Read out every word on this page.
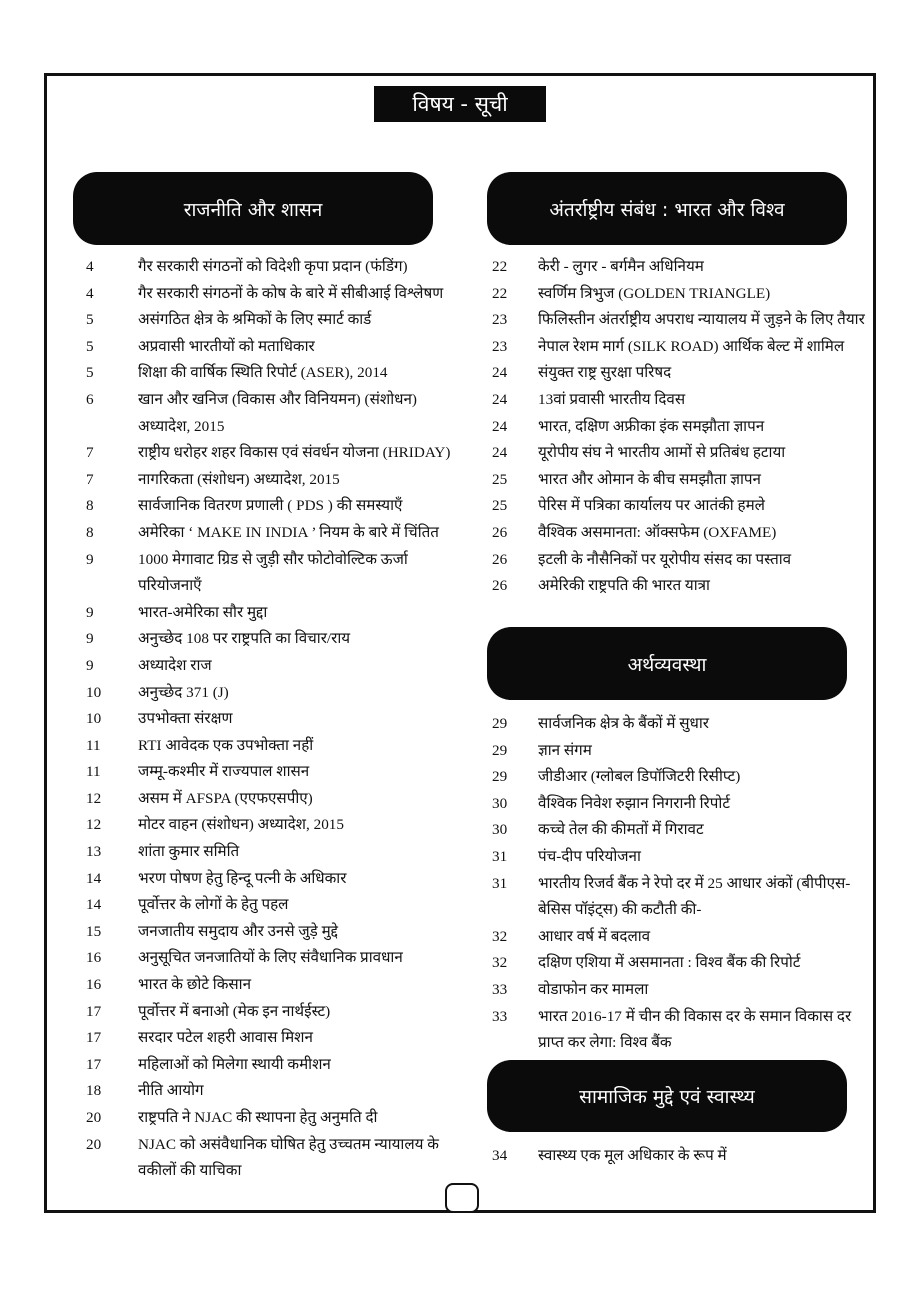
विषय - सूची
राजनीति और शासन
4	गैर सरकारी संगठनों को विदेशी कृपा प्रदान (फंडिंग)
4	गैर सरकारी संगठनों के कोष के बारे में सीबीआई विश्लेषण
5	असंगठित क्षेत्र के श्रमिकों के लिए स्मार्ट कार्ड
5	अप्रवासी भारतीयों को मताधिकार
5	शिक्षा की वार्षिक स्थिति रिपोर्ट (ASER), 2014
6	खान और खनिज (विकास और विनियमन) (संशोधन) अध्यादेश, 2015
7	राष्ट्रीय धरोहर शहर विकास एवं संवर्धन योजना (HRIDAY)
7	नागरिकता (संशोधन) अध्यादेश, 2015
8	सार्वजानिक वितरण प्रणाली ( PDS ) की समस्याएँ
8	अमेरिका ‘ MAKE IN INDIA ’ नियम के बारे में चिंतित
9	1000 मेगावाट ग्रिड से जुड़ी सौर फोटोवोल्टिक ऊर्जा परियोजनाएँ
9	भारत-अमेरिका सौर मुद्दा
9	अनुच्छेद 108 पर राष्ट्रपति का विचार/राय
9	अध्यादेश राज
10	अनुच्छेद 371 (J)
10	उपभोक्ता संरक्षण
11	RTI आवेदक एक उपभोक्ता नहीं
11	जम्मू-कश्मीर में राज्यपाल शासन
12	असम में AFSPA (एएफएसपीए)
12	मोटर वाहन (संशोधन) अध्यादेश, 2015
13	शांता कुमार समिति
14	भरण पोषण हेतु हिन्दू पत्नी के अधिकार
14	पूर्वोत्तर के लोगों के हेतु पहल
15	जनजातीय समुदाय और उनसे जुड़े मुद्दे
16	अनुसूचित जनजातियों के लिए संवैधानिक प्रावधान
16	भारत के छोटे किसान
17	पूर्वोत्तर में बनाओ (मेक इन नार्थईस्ट)
17	सरदार पटेल शहरी आवास मिशन
17	महिलाओं को मिलेगा स्थायी कमीशन
18	नीति आयोग
20	राष्ट्रपति ने NJAC की स्थापना हेतु अनुमति दी
20	NJAC को असंवैधानिक घोषित हेतु उच्चतम न्यायालय के वकीलों की याचिका
अंतर्राष्ट्रीय संबंध : भारत और विश्व
22	केरी - लुगर - बर्गमैन अधिनियम
22	स्वर्णिम त्रिभुज (GOLDEN TRIANGLE)
23	फिलिस्तीन अंतर्राष्ट्रीय अपराध न्यायालय में जुड़ने के लिए तैयार
23	नेपाल रेशम मार्ग (SILK ROAD) आर्थिक बेल्ट में शामिल
24	संयुक्त राष्ट्र सुरक्षा परिषद
24	13वां प्रवासी भारतीय दिवस
24	भारत, दक्षिण अफ्रीका इंक समझौता ज्ञापन
24	यूरोपीय संघ ने भारतीय आमों से प्रतिबंध हटाया
25	भारत और ओमान के बीच समझौता ज्ञापन
25	पेरिस में पत्रिका कार्यालय पर आतंकी हमले
26	वैश्विक असमानता: ऑक्सफेम (OXFAME)
26	इटली के नौसैनिकों पर यूरोपीय संसद का पस्ताव
26	अमेरिकी राष्ट्रपति की भारत यात्रा
अर्थव्यवस्था
29	सार्वजनिक क्षेत्र के बैंकों में सुधार
29	ज्ञान संगम
29	जीडीआर (ग्लोबल डिपॉजिटरी रिसीप्ट)
30	वैश्विक निवेश रुझान निगरानी रिपोर्ट
30	कच्चे तेल की कीमतों में गिरावट
31	पंच-दीप परियोजना
31	भारतीय रिजर्व बैंक ने रेपो दर में 25 आधार अंकों (बीपीएस-बेसिस पॉइंट्स) की कटौती की-
32	आधार वर्ष में बदलाव
32	दक्षिण एशिया में असमानता : विश्व बैंक की रिपोर्ट
33	वोडाफोन कर मामला
33	भारत 2016-17 में चीन की विकास दर के समान विकास दर प्राप्त कर लेगा: विश्व बैंक
सामाजिक मुद्दे एवं स्वास्थ्य
34	स्वास्थ्य एक मूल अधिकार के रूप में
